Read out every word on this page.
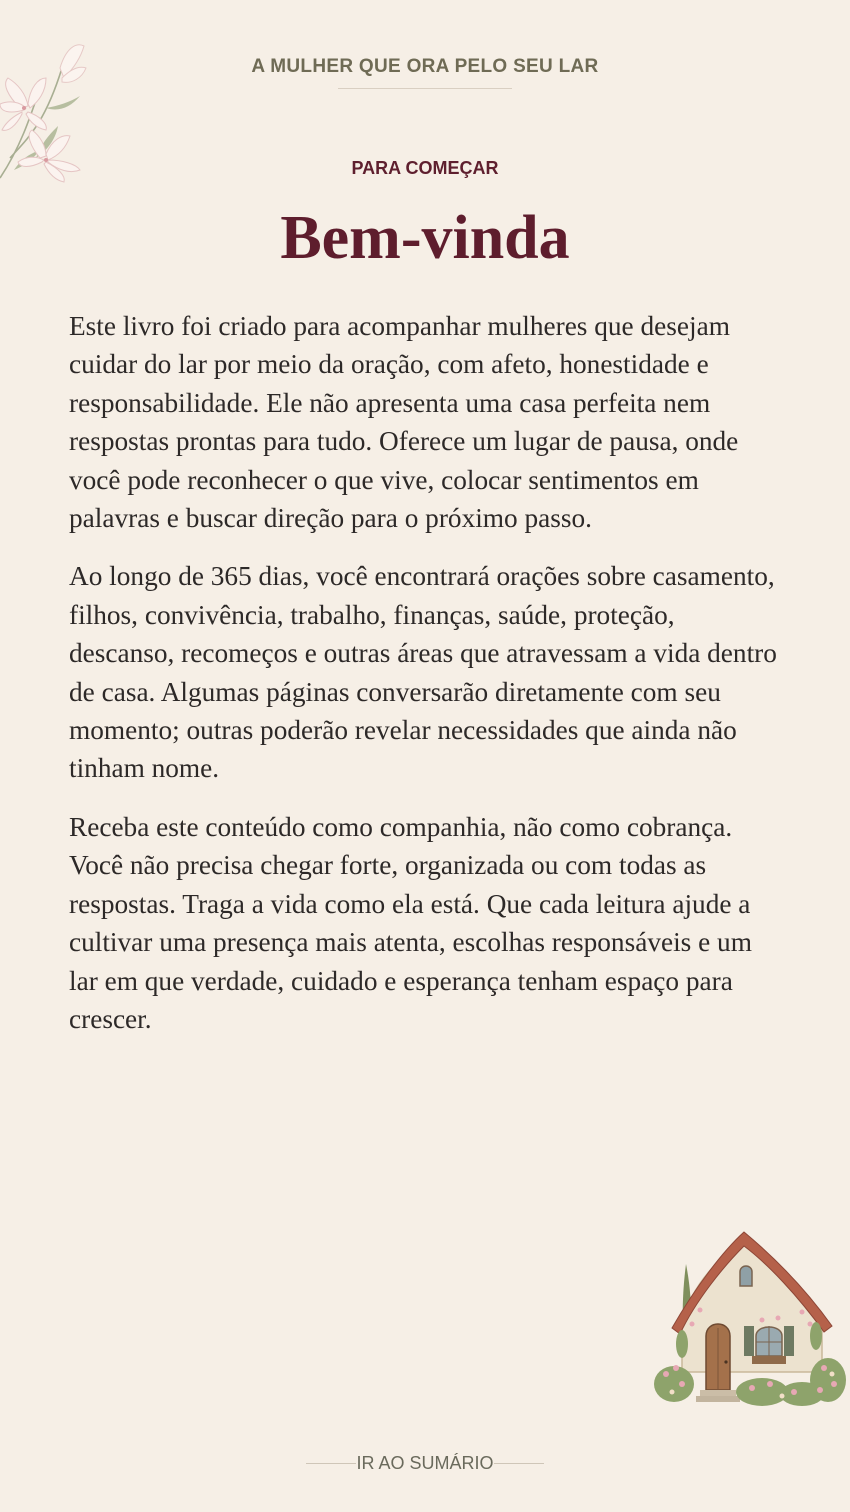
A MULHER QUE ORA PELO SEU LAR
PARA COMEÇAR
Bem-vinda

Este livro foi criado para acompanhar mulheres que desejam cuidar do lar por meio da oração, com afeto, honestidade e responsabilidade. Ele não apresenta uma casa perfeita nem respostas prontas para tudo. Oferece um lugar de pausa, onde você pode reconhecer o que vive, colocar sentimentos em palavras e buscar direção para o próximo passo.

Ao longo de 365 dias, você encontrará orações sobre casamento, filhos, convivência, trabalho, finanças, saúde, proteção, descanso, recomeços e outras áreas que atravessam a vida dentro de casa. Algumas páginas conversarão diretamente com seu momento; outras poderão revelar necessidades que ainda não tinham nome.

Receba este conteúdo como companhia, não como cobrança. Você não precisa chegar forte, organizada ou com todas as respostas. Traga a vida como ela está. Que cada leitura ajude a cultivar uma presença mais atenta, escolhas responsáveis e um lar em que verdade, cuidado e esperança tenham espaço para crescer.

IR AO SUMÁRIO
